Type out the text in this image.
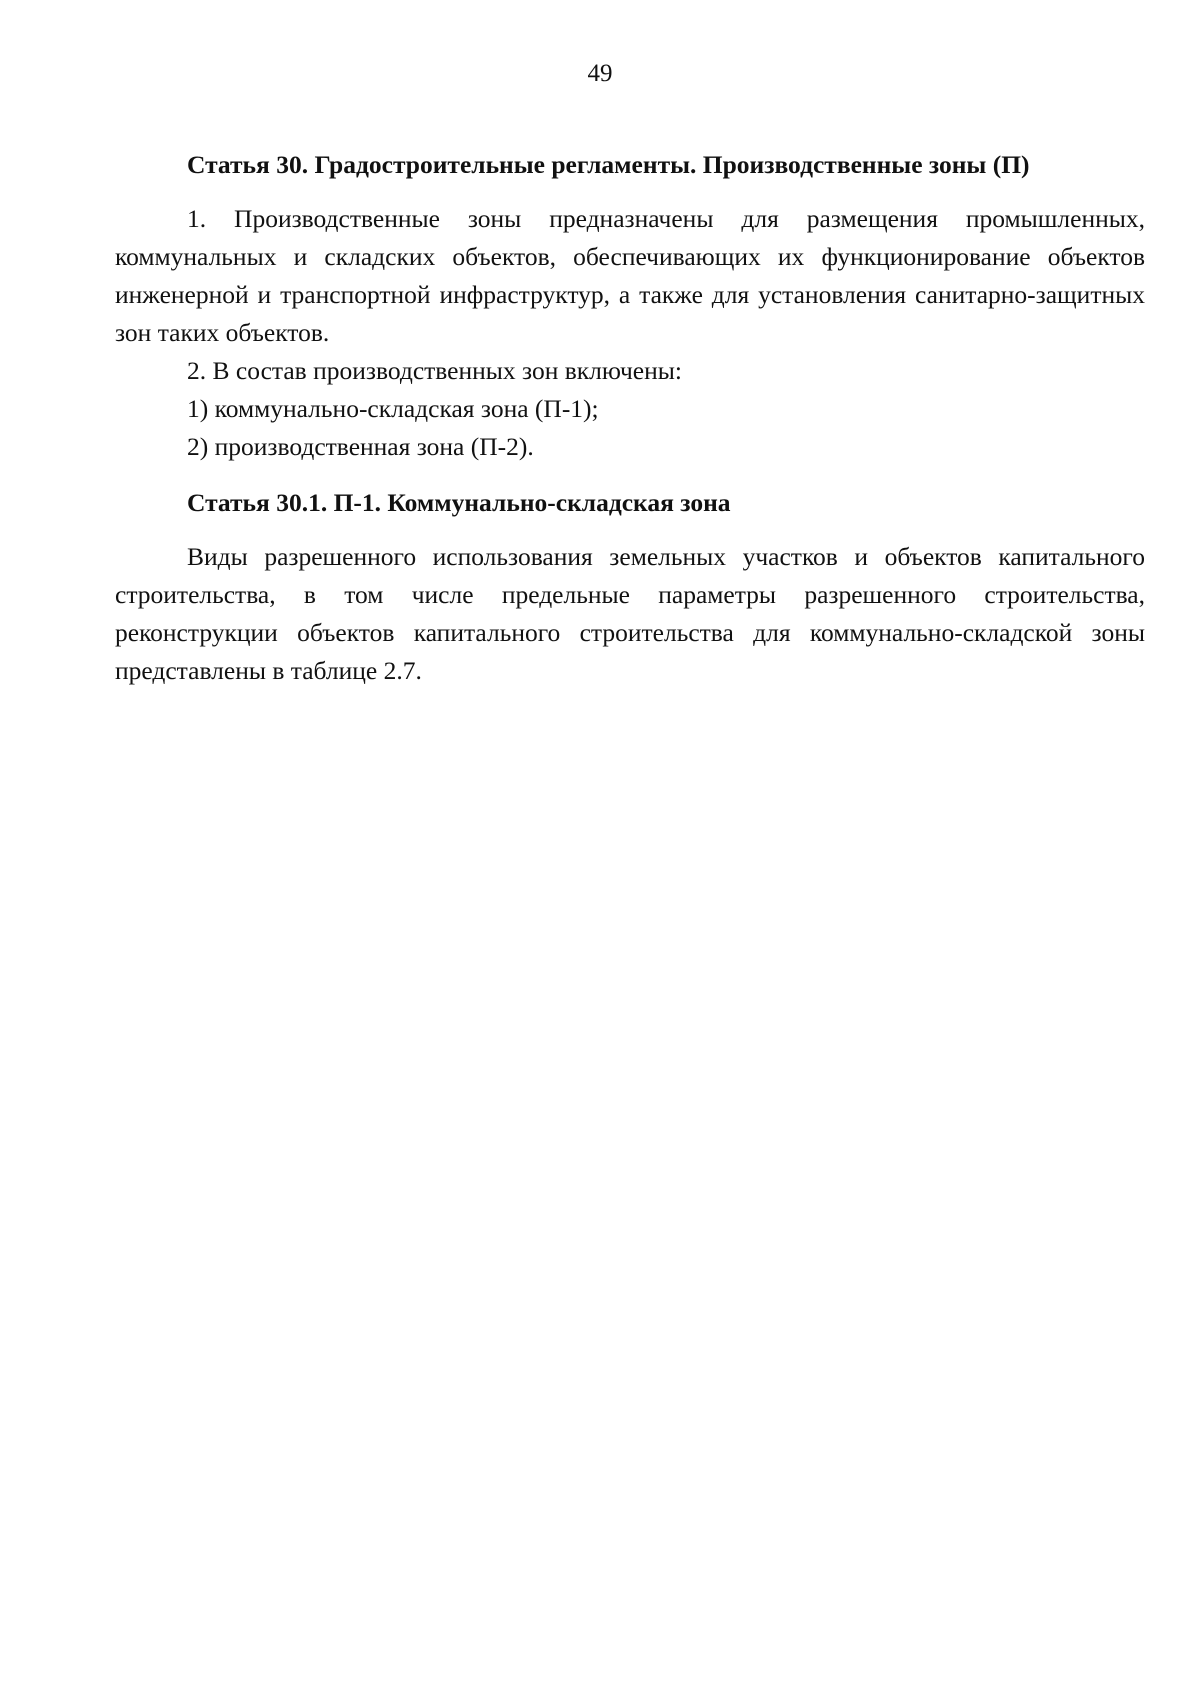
49
Статья 30. Градостроительные регламенты. Производственные зоны (П)

1. Производственные зоны предназначены для размещения промышленных, коммунальных и складских объектов, обеспечивающих их функционирование объектов инженерной и транспортной инфраструктур, а также для установления санитарно-защитных зон таких объектов.

2. В состав производственных зон включены:

1) коммунально-складская зона (П-1);

2) производственная зона (П-2).

Статья 30.1. П-1. Коммунально-складская зона

Виды разрешенного использования земельных участков и объектов капитального строительства, в том числе предельные параметры разрешенного строительства, реконструкции объектов капитального строительства для коммунально-складской зоны представлены в таблице 2.7.
